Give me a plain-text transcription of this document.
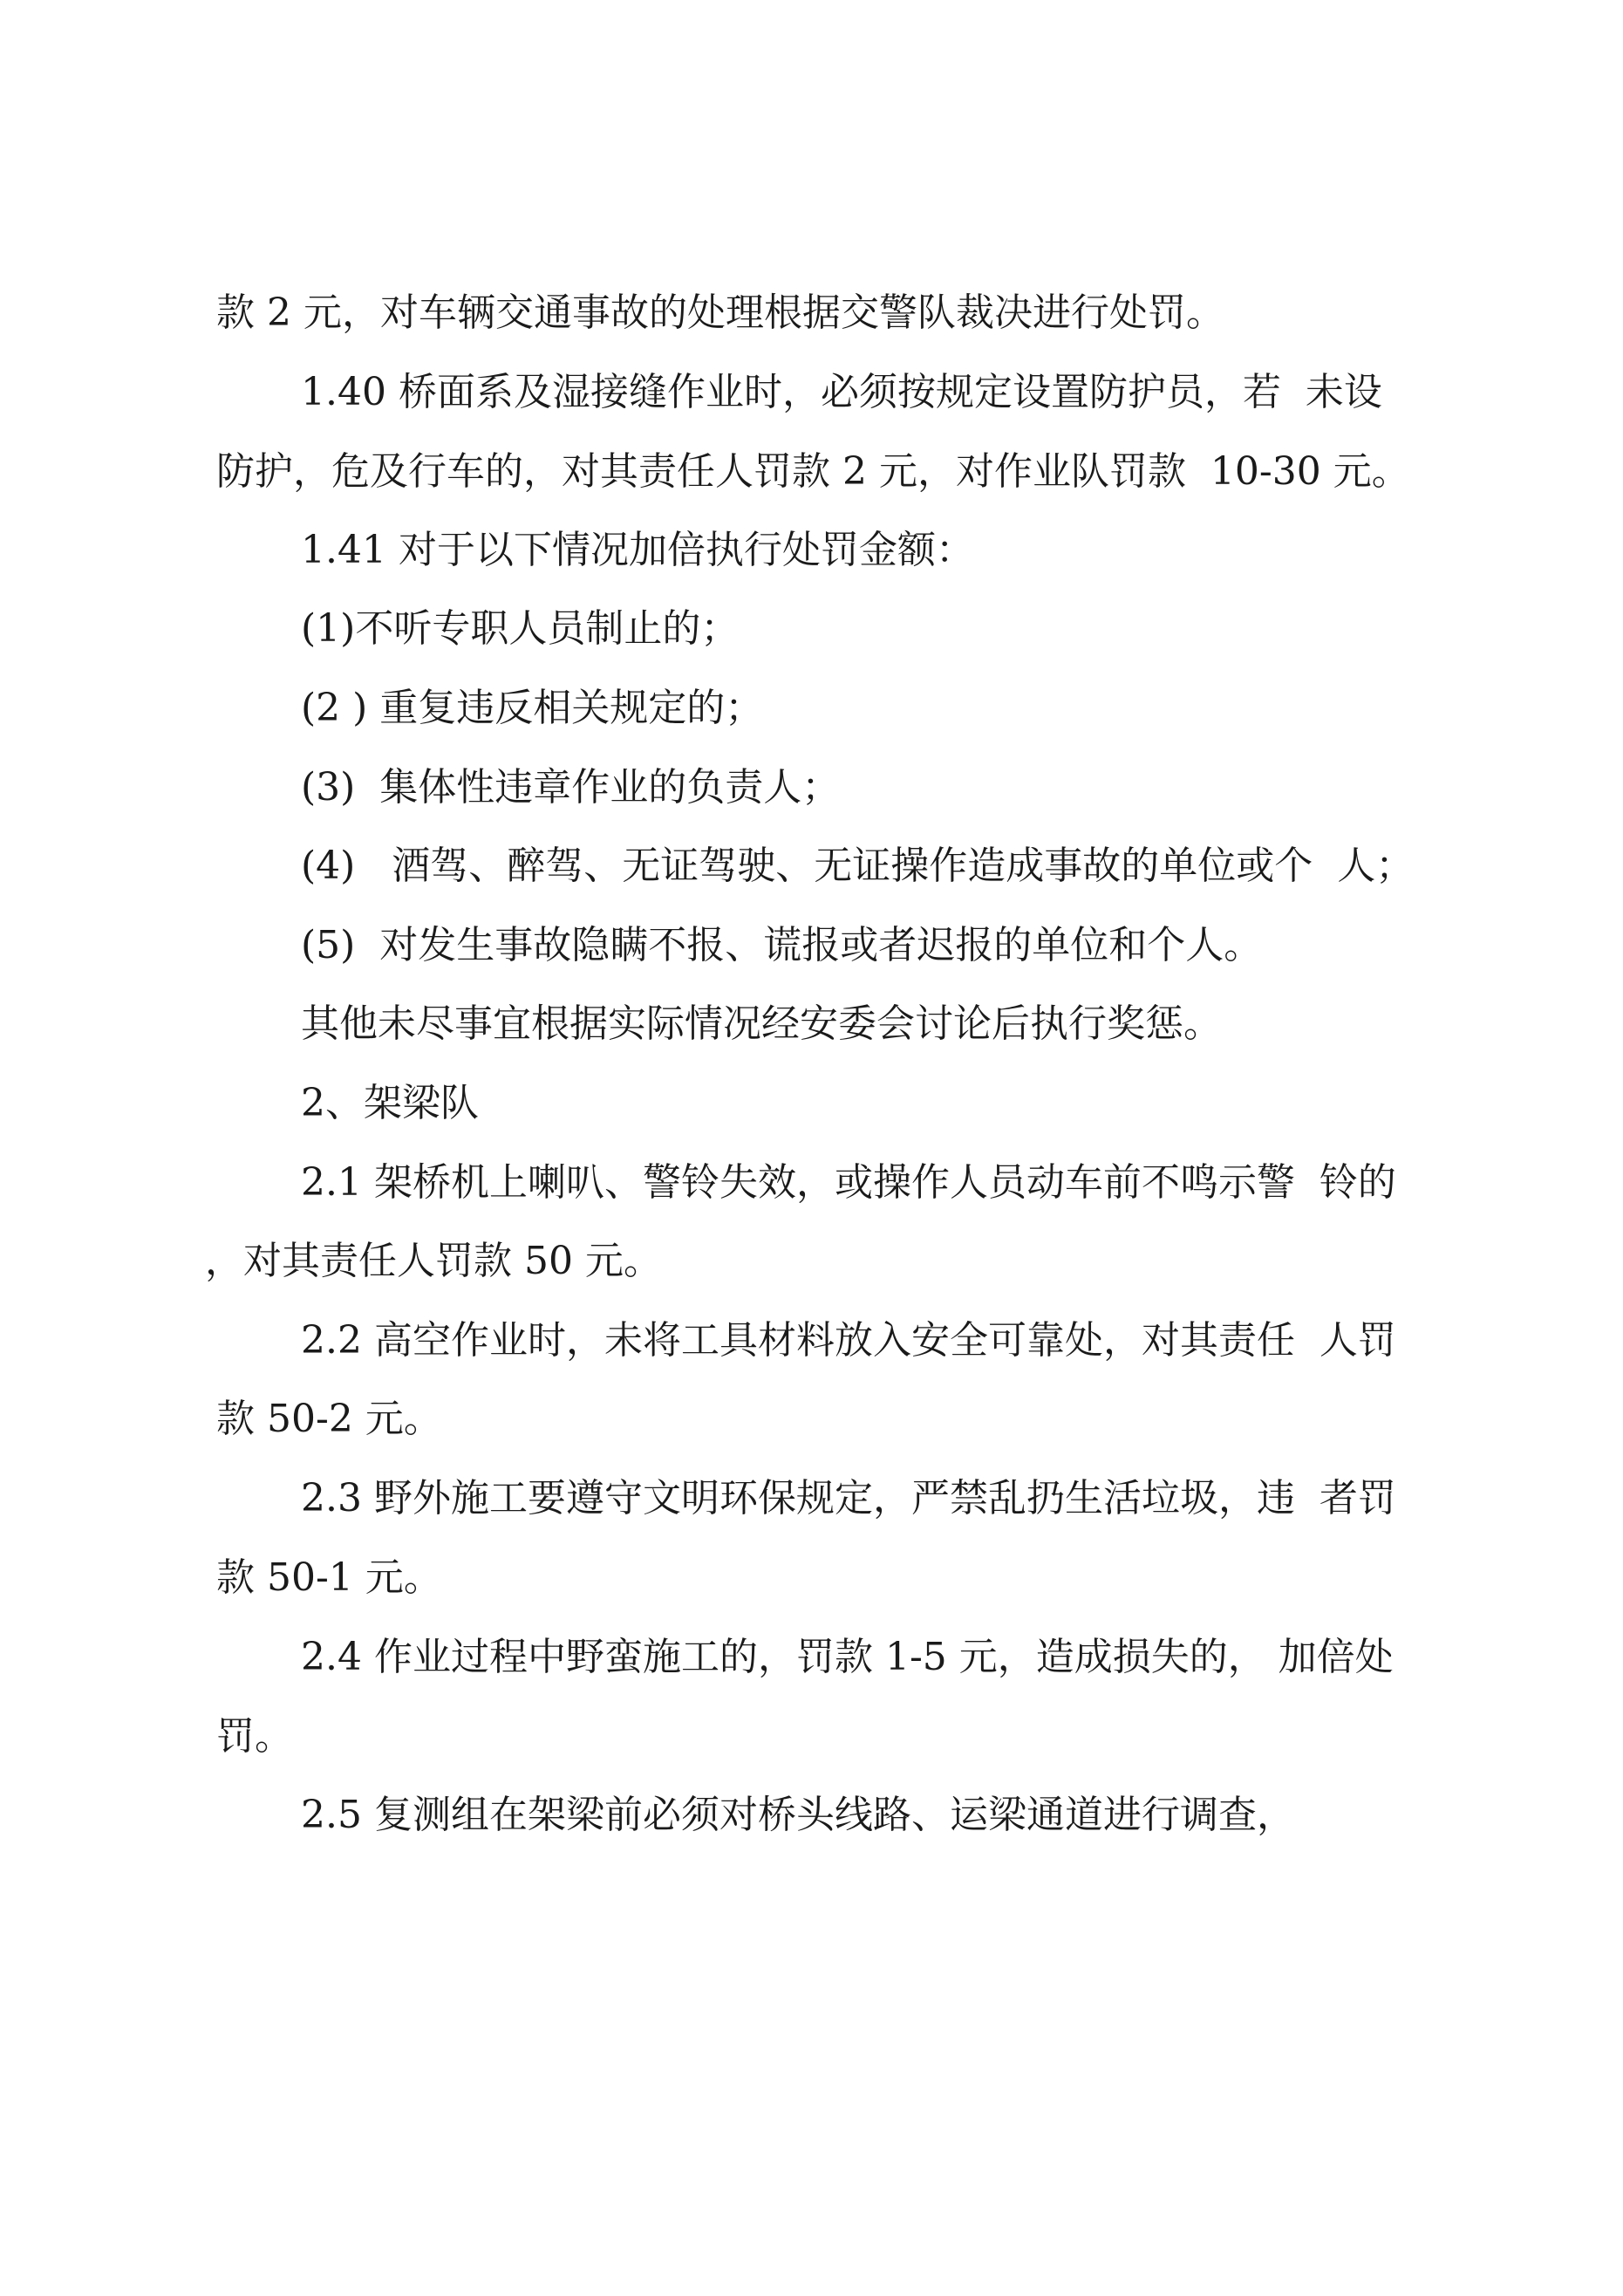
款 2 元，对车辆交通事故的处理根据交警队裁决进行处罚。
1.40 桥面系及湿接缝作业时，必须按规定设置防护员，若  未设
防护，危及行车的，对其责任人罚款 2 元，对作业队罚款  10-30 元。
1.41 对于以下情况加倍执行处罚金额：
(1)不听专职人员制止的；
(2 ) 重复违反相关规定的；
(3)  集体性违章作业的负责人；
(4)   酒驾、醉驾、无证驾驶、无证操作造成事故的单位或个  人；
(5)  对发生事故隐瞒不报、谎报或者迟报的单位和个人。
其他未尽事宜根据实际情况经安委会讨论后执行奖惩。
2、架梁队
2.1 架桥机上喇叭、警铃失效，或操作人员动车前不鸣示警  铃的
，对其责任人罚款 50 元。
2.2 高空作业时，未将工具材料放入安全可靠处，对其责任  人罚
款 50-2 元。
2.3 野外施工要遵守文明环保规定，严禁乱扔生活垃圾，违  者罚
款 50-1 元。
2.4 作业过程中野蛮施工的，罚款 1-5 元，造成损失的， 加倍处
罚。
2.5 复测组在架梁前必须对桥头线路、运梁通道进行调查，
